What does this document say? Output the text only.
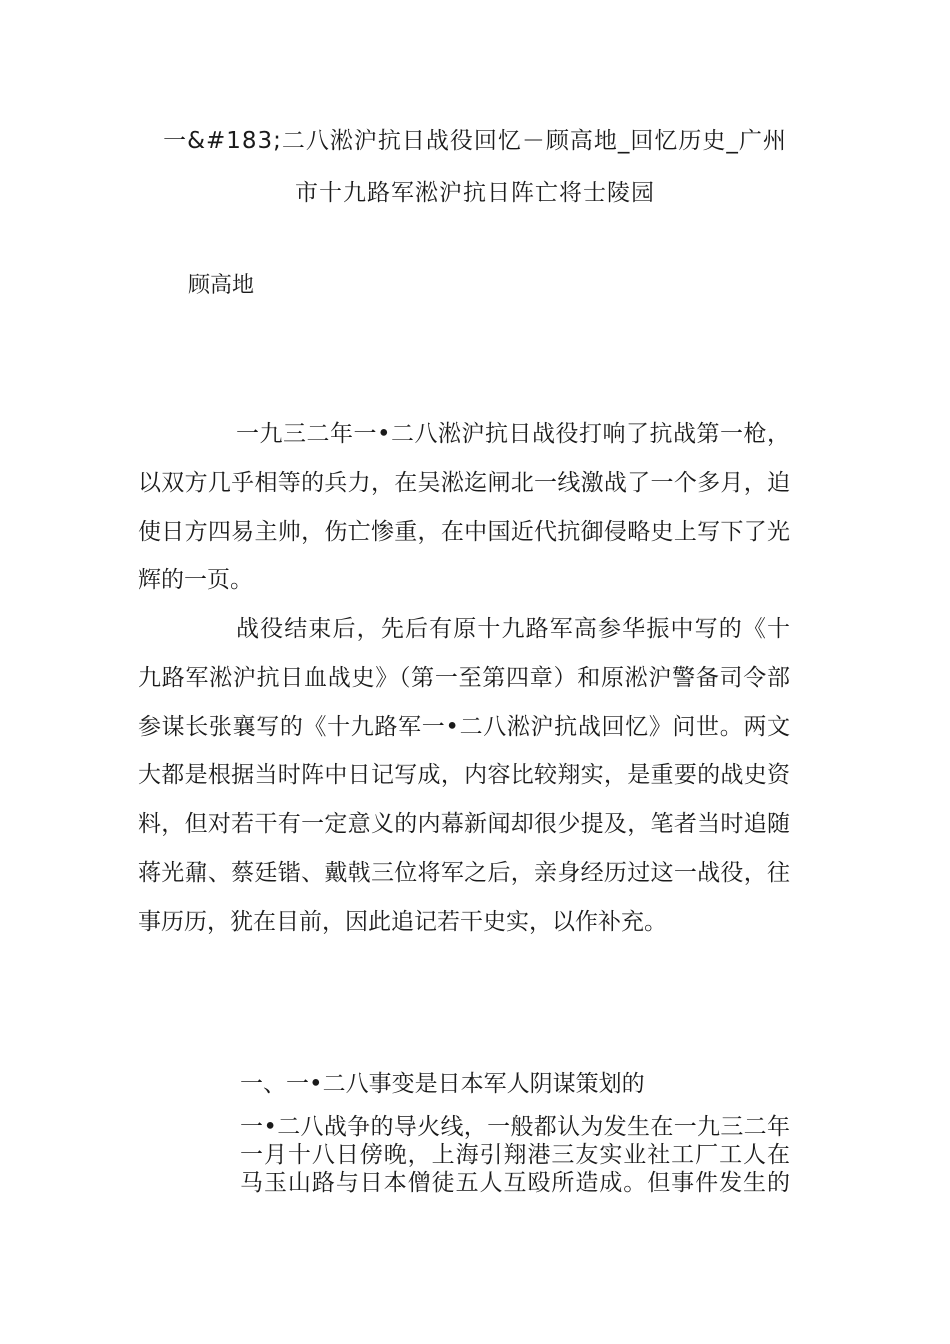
一&#183;二八淞沪抗日战役回忆－顾高地_回忆历史_广州
市十九路军淞沪抗日阵亡将士陵园
顾高地
一九三二年一•二八淞沪抗日战役打响了抗战第一枪，
以双方几乎相等的兵力，在吴淞迄闸北一线激战了一个多月，迫
使日方四易主帅，伤亡惨重，在中国近代抗御侵略史上写下了光
辉的一页。
战役结束后，先后有原十九路军高参华振中写的《十
九路军淞沪抗日血战史》（第一至第四章）和原淞沪警备司令部
参谋长张襄写的《十九路军一•二八淞沪抗战回忆》问世。两文
大都是根据当时阵中日记写成，内容比较翔实，是重要的战史资
料，但对若干有一定意义的内幕新闻却很少提及，笔者当时追随
蒋光鼐、蔡廷锴、戴戟三位将军之后，亲身经历过这一战役，往
事历历，犹在目前，因此追记若干史实，以作补充。
一、一•二八事变是日本军人阴谋策划的
一•二八战争的导火线，一般都认为发生在一九三二年
一月十八日傍晚，上海引翔港三友实业社工厂工人在
马玉山路与日本僧徒五人互殴所造成。但事件发生的
